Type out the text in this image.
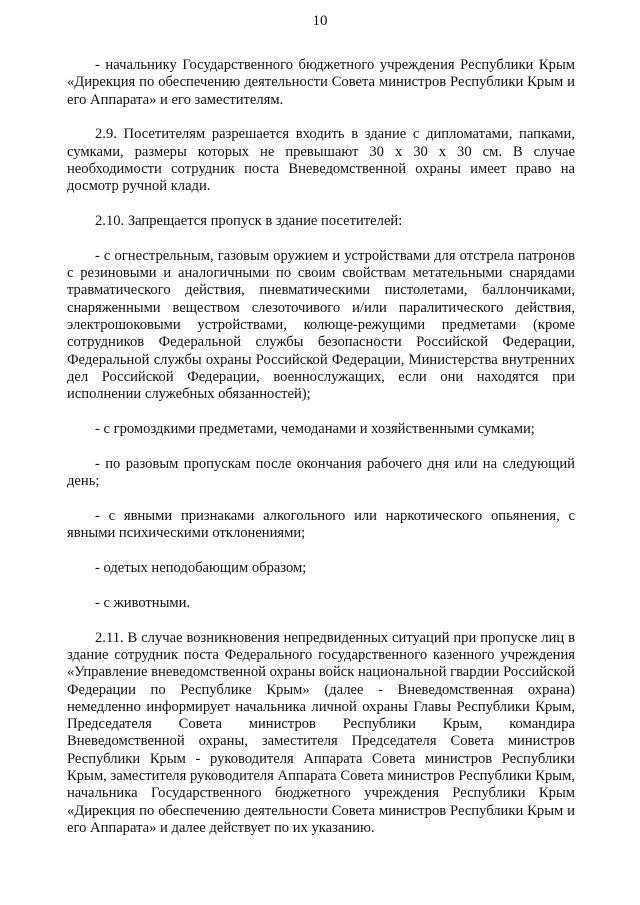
10

- начальнику Государственного бюджетного учреждения Республики Крым «Дирекция по обеспечению деятельности Совета министров Республики Крым и его Аппарата» и его заместителям.

2.9. Посетителям разрешается входить в здание с дипломатами, папками, сумками, размеры которых не превышают 30 х 30 х 30 см. В случае необходимости сотрудник поста Вневедомственной охраны имеет право на досмотр ручной клади.

2.10. Запрещается пропуск в здание посетителей:

- с огнестрельным, газовым оружием и устройствами для отстрела патронов с резиновыми и аналогичными по своим свойствам метательными снарядами травматического действия, пневматическими пистолетами, баллончиками, снаряженными веществом слезоточивого и/или паралитического действия, электрошоковыми устройствами, колюще-режущими предметами (кроме сотрудников Федеральной службы безопасности Российской Федерации, Федеральной службы охраны Российской Федерации, Министерства внутренних дел Российской Федерации, военнослужащих, если они находятся при исполнении служебных обязанностей);

- с громоздкими предметами, чемоданами и хозяйственными сумками;

- по разовым пропускам после окончания рабочего дня или на следующий день;

- с явными признаками алкогольного или наркотического опьянения, с явными психическими отклонениями;

- одетых неподобающим образом;

- с животными.

2.11. В случае возникновения непредвиденных ситуаций при пропуске лиц в здание сотрудник поста Федерального государственного казенного учреждения «Управление вневедомственной охраны войск национальной гвардии Российской Федерации по Республике Крым» (далее - Вневедомственная охрана) немедленно информирует начальника личной охраны Главы Республики Крым, Председателя Совета министров Республики Крым, командира Вневедомственной охраны, заместителя Председателя Совета министров Республики Крым - руководителя Аппарата Совета министров Республики Крым, заместителя руководителя Аппарата Совета министров Республики Крым, начальника Государственного бюджетного учреждения Республики Крым «Дирекция по обеспечению деятельности Совета министров Республики Крым и его Аппарата» и далее действует по их указанию.
